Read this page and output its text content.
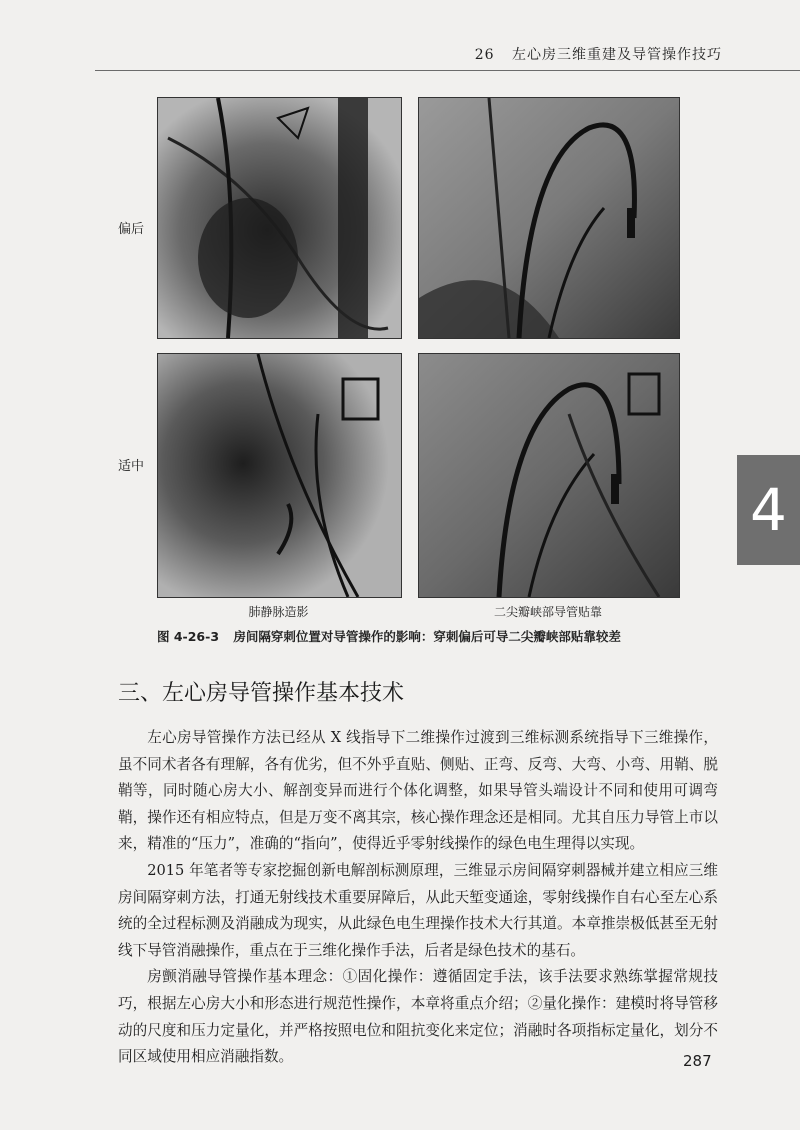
26 左心房三维重建及导管操作技巧
4
偏后
适中
肺静脉造影	二尖瓣峡部导管贴靠
图 4-26-3 房间隔穿刺位置对导管操作的影响：穿刺偏后可导二尖瓣峡部贴靠较差
三、左心房导管操作基本技术

左心房导管操作方法已经从 X 线指导下二维操作过渡到三维标测系统指导下三维操作，虽不同术者各有理解，各有优劣，但不外乎直贴、侧贴、正弯、反弯、大弯、小弯、用鞘、脱鞘等，同时随心房大小、解剖变异而进行个体化调整，如果导管头端设计不同和使用可调弯鞘，操作还有相应特点，但是万变不离其宗，核心操作理念还是相同。尤其自压力导管上市以来，精准的“压力”，准确的“指向”，使得近乎零射线操作的绿色电生理得以实现。

2015 年笔者等专家挖掘创新电解剖标测原理，三维显示房间隔穿刺器械并建立相应三维房间隔穿刺方法，打通无射线技术重要屏障后，从此天堑变通途，零射线操作自右心至左心系统的全过程标测及消融成为现实，从此绿色电生理操作技术大行其道。本章推崇极低甚至无射线下导管消融操作，重点在于三维化操作手法，后者是绿色技术的基石。

房颤消融导管操作基本理念：①固化操作：遵循固定手法，该手法要求熟练掌握常规技巧，根据左心房大小和形态进行规范性操作，本章将重点介绍；②量化操作：建模时将导管移动的尺度和压力定量化，并严格按照电位和阻抗变化来定位；消融时各项指标定量化，划分不同区域使用相应消融指数。	287
